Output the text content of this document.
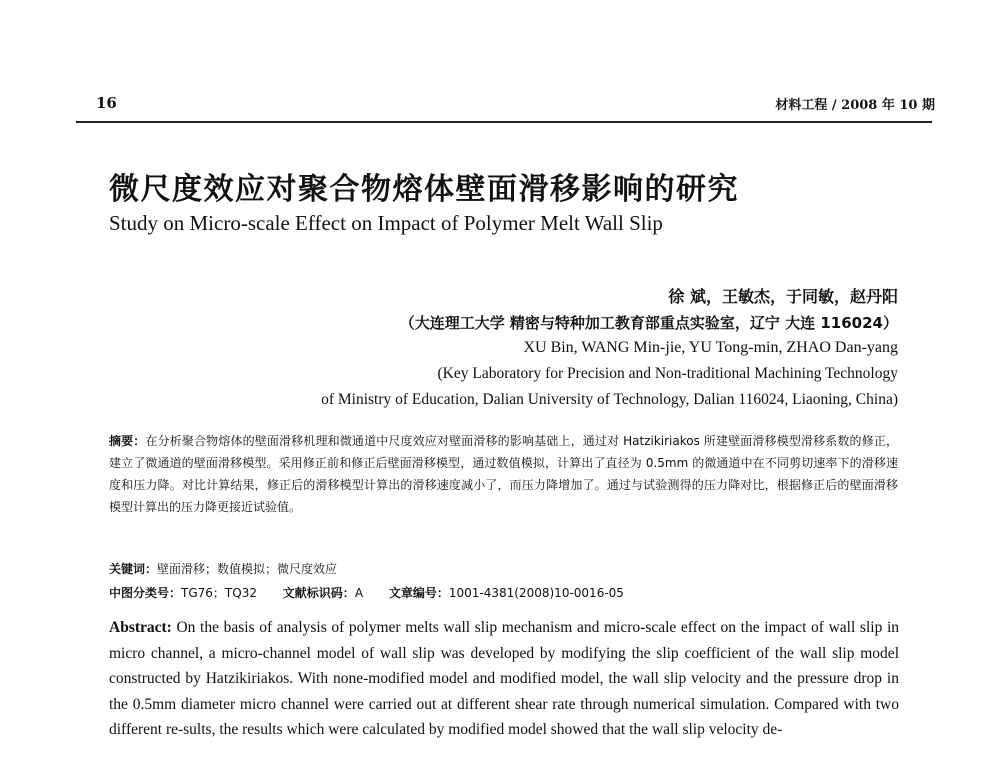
16	材料工程 / 2008 年 10 期
微尺度效应对聚合物熔体壁面滑移影响的研究
Study on Micro-scale Effect on Impact of Polymer Melt Wall Slip
徐 斌，王敏杰，于同敏，赵丹阳
（大连理工大学 精密与特种加工教育部重点实验室，辽宁 大连 116024）
XU Bin, WANG Min-jie, YU Tong-min, ZHAO Dan-yang
(Key Laboratory for Precision and Non-traditional Machining Technology
of Ministry of Education, Dalian University of Technology, Dalian 116024, Liaoning, China)
摘要：在分析聚合物熔体的壁面滑移机理和微通道中尺度效应对壁面滑移的影响基础上，通过对 Hatzikiriakos 所建壁面滑移模型滑移系数的修正，建立了微通道的壁面滑移模型。采用修正前和修正后壁面滑移模型，通过数值模拟，计算出了直径为 0.5mm 的微通道中在不同剪切速率下的滑移速度和压力降。对比计算结果，修正后的滑移模型计算出的滑移速度减小了，而压力降增加了。通过与试验测得的压力降对比，根据修正后的壁面滑移模型计算出的压力降更接近试验值。
关键词：壁面滑移；数值模拟；微尺度效应
中图分类号：TG76；TQ32 文献标识码：A 文章编号：1001-4381(2008)10-0016-05
Abstract: On the basis of analysis of polymer melts wall slip mechanism and micro-scale effect on the impact of wall slip in micro channel, a micro-channel model of wall slip was developed by modifying the slip coefficient of the wall slip model constructed by Hatzikiriakos. With none-modified model and modified model, the wall slip velocity and the pressure drop in the 0.5mm diameter micro channel were carried out at different shear rate through numerical simulation. Compared with two different re-sults, the results which were calculated by modified model showed that the wall slip velocity de-
